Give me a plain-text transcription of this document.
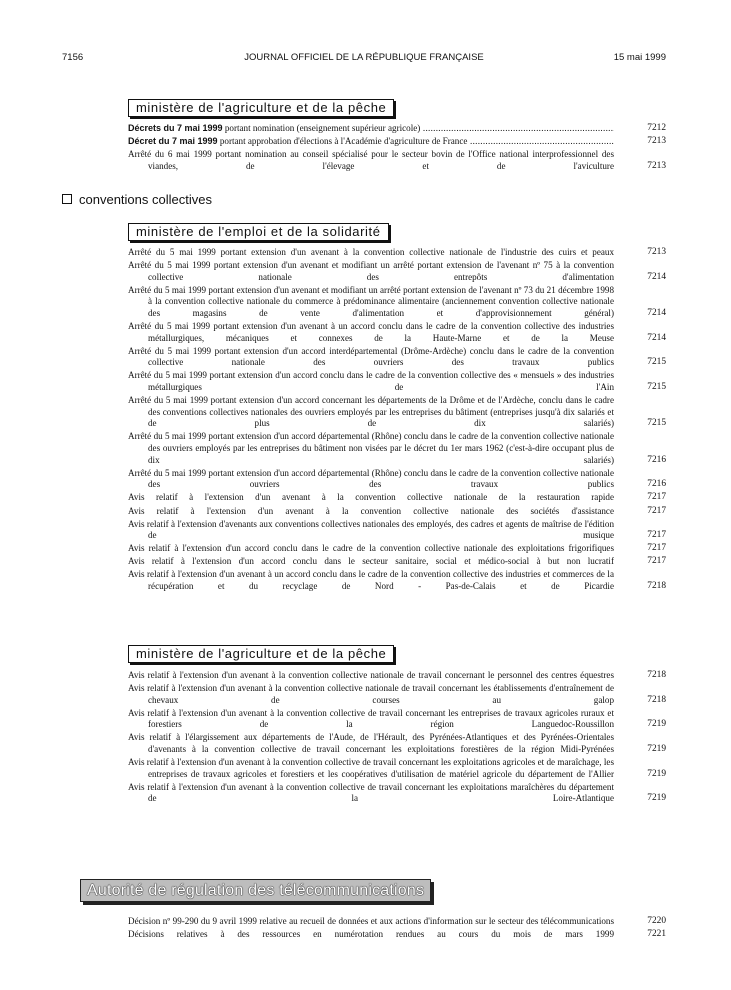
7156	JOURNAL OFFICIEL DE LA RÉPUBLIQUE FRANÇAISE	15 mai 1999
ministère de l'agriculture et de la pêche
Décrets du 7 mai 1999 portant nomination (enseignement supérieur agricole) .....	7212
Décret du 7 mai 1999 portant approbation d'élections à l'Académie d'agriculture de France .....	7213
Arrêté du 6 mai 1999 portant nomination au conseil spécialisé pour le secteur bovin de l'Office national interprofessionnel des viandes, de l'élevage et de l'aviculture .....	7213
conventions collectives
ministère de l'emploi et de la solidarité
Arrêté du 5 mai 1999 portant extension d'un avenant à la convention collective nationale de l'industrie des cuirs et peaux .....	7213
Arrêté du 5 mai 1999 portant extension d'un avenant et modifiant un arrêté portant extension de l'avenant nº 75 à la convention collective nationale des entrepôts d'alimentation .....	7214
Arrêté du 5 mai 1999 portant extension d'un avenant et modifiant un arrêté portant extension de l'avenant nº 73 du 21 décembre 1998 à la convention collective nationale du commerce à prédominance alimentaire (anciennement convention collective nationale des magasins de vente d'alimentation et d'approvisionnement général) .....	7214
Arrêté du 5 mai 1999 portant extension d'un avenant à un accord conclu dans le cadre de la convention collective des industries métallurgiques, mécaniques et connexes de la Haute-Marne et de la Meuse .....	7214
Arrêté du 5 mai 1999 portant extension d'un accord interdépartemental (Drôme-Ardèche) conclu dans le cadre de la convention collective nationale des ouvriers des travaux publics .....	7215
Arrêté du 5 mai 1999 portant extension d'un accord conclu dans le cadre de la convention collective des « mensuels » des industries métallurgiques de l'Ain .....	7215
Arrêté du 5 mai 1999 portant extension d'un accord concernant les départements de la Drôme et de l'Ardèche, conclu dans le cadre des conventions collectives nationales des ouvriers employés par les entreprises du bâtiment (entreprises jusqu'à dix salariés et de plus de dix salariés) .....	7215
Arrêté du 5 mai 1999 portant extension d'un accord départemental (Rhône) conclu dans le cadre de la convention collective nationale des ouvriers employés par les entreprises du bâtiment non visées par le décret du 1er mars 1962 (c'est-à-dire occupant plus de dix salariés) .....	7216
Arrêté du 5 mai 1999 portant extension d'un accord départemental (Rhône) conclu dans le cadre de la convention collective nationale des ouvriers des travaux publics .....	7216
Avis relatif à l'extension d'un avenant à la convention collective nationale de la restauration rapide .....	7217
Avis relatif à l'extension d'un avenant à la convention collective nationale des sociétés d'assistance .....	7217
Avis relatif à l'extension d'avenants aux conventions collectives nationales des employés, des cadres et agents de maîtrise de l'édition de musique .....	7217
Avis relatif à l'extension d'un accord conclu dans le cadre de la convention collective nationale des exploitations frigorifiques .....	7217
Avis relatif à l'extension d'un accord conclu dans le secteur sanitaire, social et médico-social à but non lucratif .....	7217
Avis relatif à l'extension d'un avenant à un accord conclu dans le cadre de la convention collective des industries et commerces de la récupération et du recyclage de Nord - Pas-de-Calais et de Picardie .....	7218
ministère de l'agriculture et de la pêche
Avis relatif à l'extension d'un avenant à la convention collective nationale de travail concernant le personnel des centres équestres .....	7218
Avis relatif à l'extension d'un avenant à la convention collective nationale de travail concernant les établissements d'entraînement de chevaux de courses au galop .....	7218
Avis relatif à l'extension d'un avenant à la convention collective de travail concernant les entreprises de travaux agricoles ruraux et forestiers de la région Languedoc-Roussillon .....	7219
Avis relatif à l'élargissement aux départements de l'Aude, de l'Hérault, des Pyrénées-Atlantiques et des Pyrénées-Orientales d'avenants à la convention collective de travail concernant les exploitations forestières de la région Midi-Pyrénées .....	7219
Avis relatif à l'extension d'un avenant à la convention collective de travail concernant les exploitations agricoles et de maraîchage, les entreprises de travaux agricoles et forestiers et les coopératives d'utilisation de matériel agricole du département de l'Allier .....	7219
Avis relatif à l'extension d'un avenant à la convention collective de travail concernant les exploitations maraîchères du département de la Loire-Atlantique .....	7219
Autorité de régulation des télécommunications
Décision nº 99-290 du 9 avril 1999 relative au recueil de données et aux actions d'information sur le secteur des télécommunications .....	7220
Décisions relatives à des ressources en numérotation rendues au cours du mois de mars 1999 .....	7221
